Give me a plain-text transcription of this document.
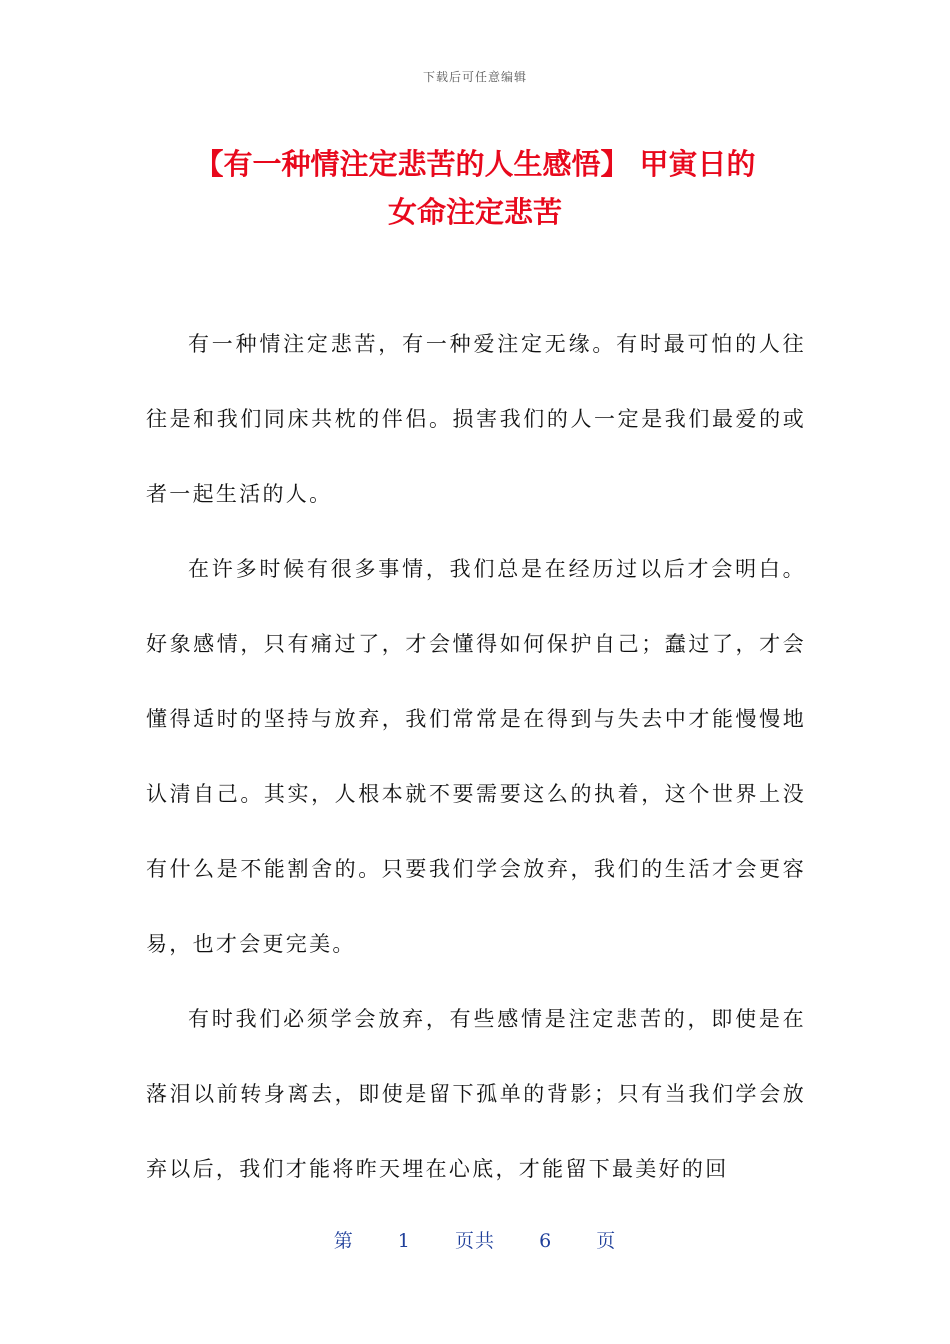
下载后可任意编辑
【有一种情注定悲苦的人生感悟】 甲寅日的
女命注定悲苦

有一种情注定悲苦，有一种爱注定无缘。有时最可怕的人往往是和我们同床共枕的伴侣。损害我们的人一定是我们最爱的或者一起生活的人。

在许多时候有很多事情，我们总是在经历过以后才会明白。好象感情，只有痛过了，才会懂得如何保护自己；蠢过了，才会懂得适时的坚持与放弃，我们常常是在得到与失去中才能慢慢地认清自己。其实，人根本就不要需要这么的执着，这个世界上没有什么是不能割舍的。只要我们学会放弃，我们的生活才会更容易，也才会更完美。

有时我们必须学会放弃，有些感情是注定悲苦的，即使是在落泪以前转身离去，即使是留下孤单的背影；只有当我们学会放弃以后，我们才能将昨天埋在心底，才能留下最美好的回

第 1 页共 6 页
